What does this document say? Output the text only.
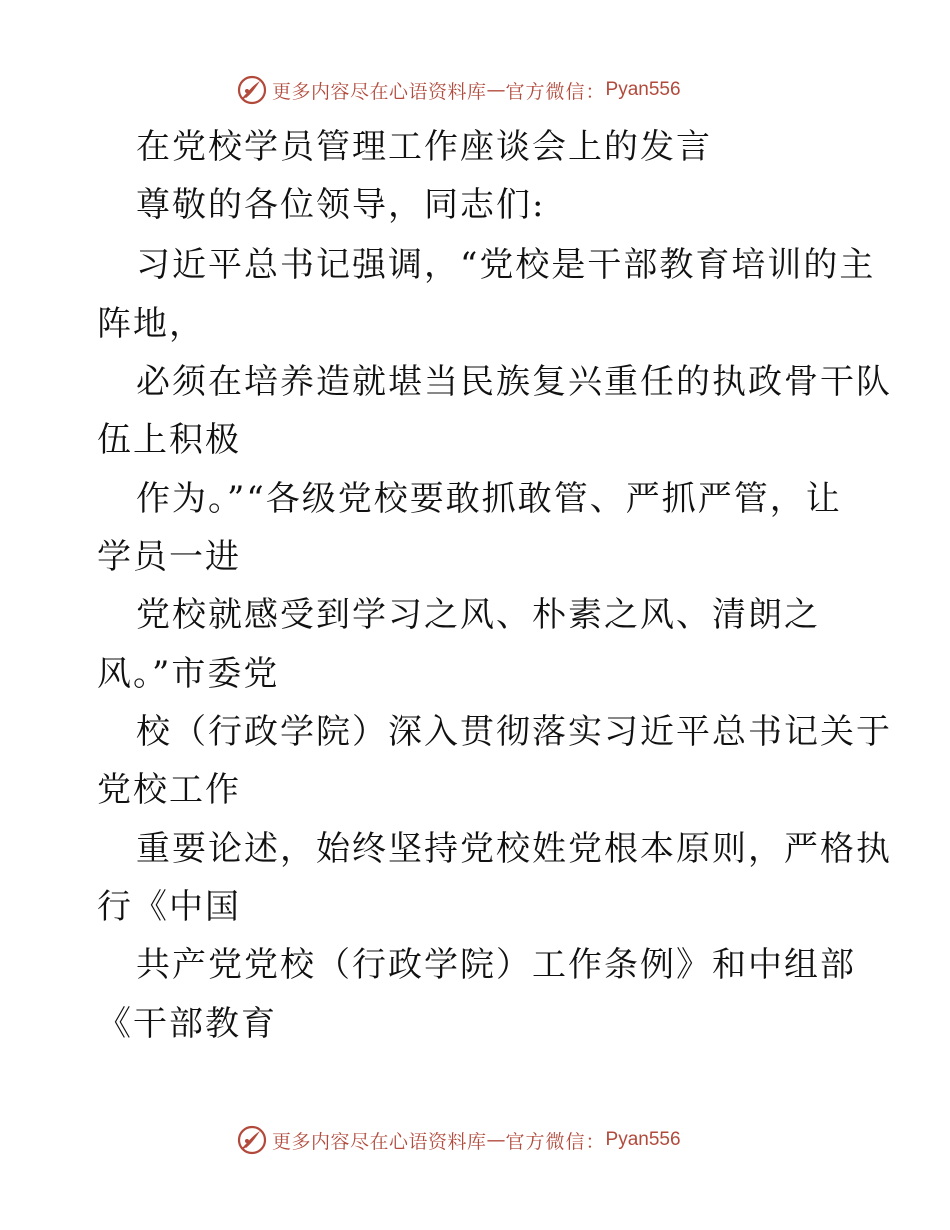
更多内容尽在心语资料库 — 官方微信： Pyan556
在党校学员管理工作座谈会上的发言
尊敬的各位领导，同志们:
习近平总书记强调，“党校是干部教育培训的主
阵地，
必须在培养造就堪当民族复兴重任的执政骨干队
伍上积极
作为。”“各级党校要敢抓敢管、严抓严管，让
学员一进
党校就感受到学习之风、朴素之风、清朗之
风。”市委党
校（行政学院）深入贯彻落实习近平总书记关于
党校工作
重要论述，始终坚持党校姓党根本原则，严格执
行《中国
共产党党校（行政学院）工作条例》和中组部
《干部教育
更多内容尽在心语资料库 — 官方微信： Pyan556
